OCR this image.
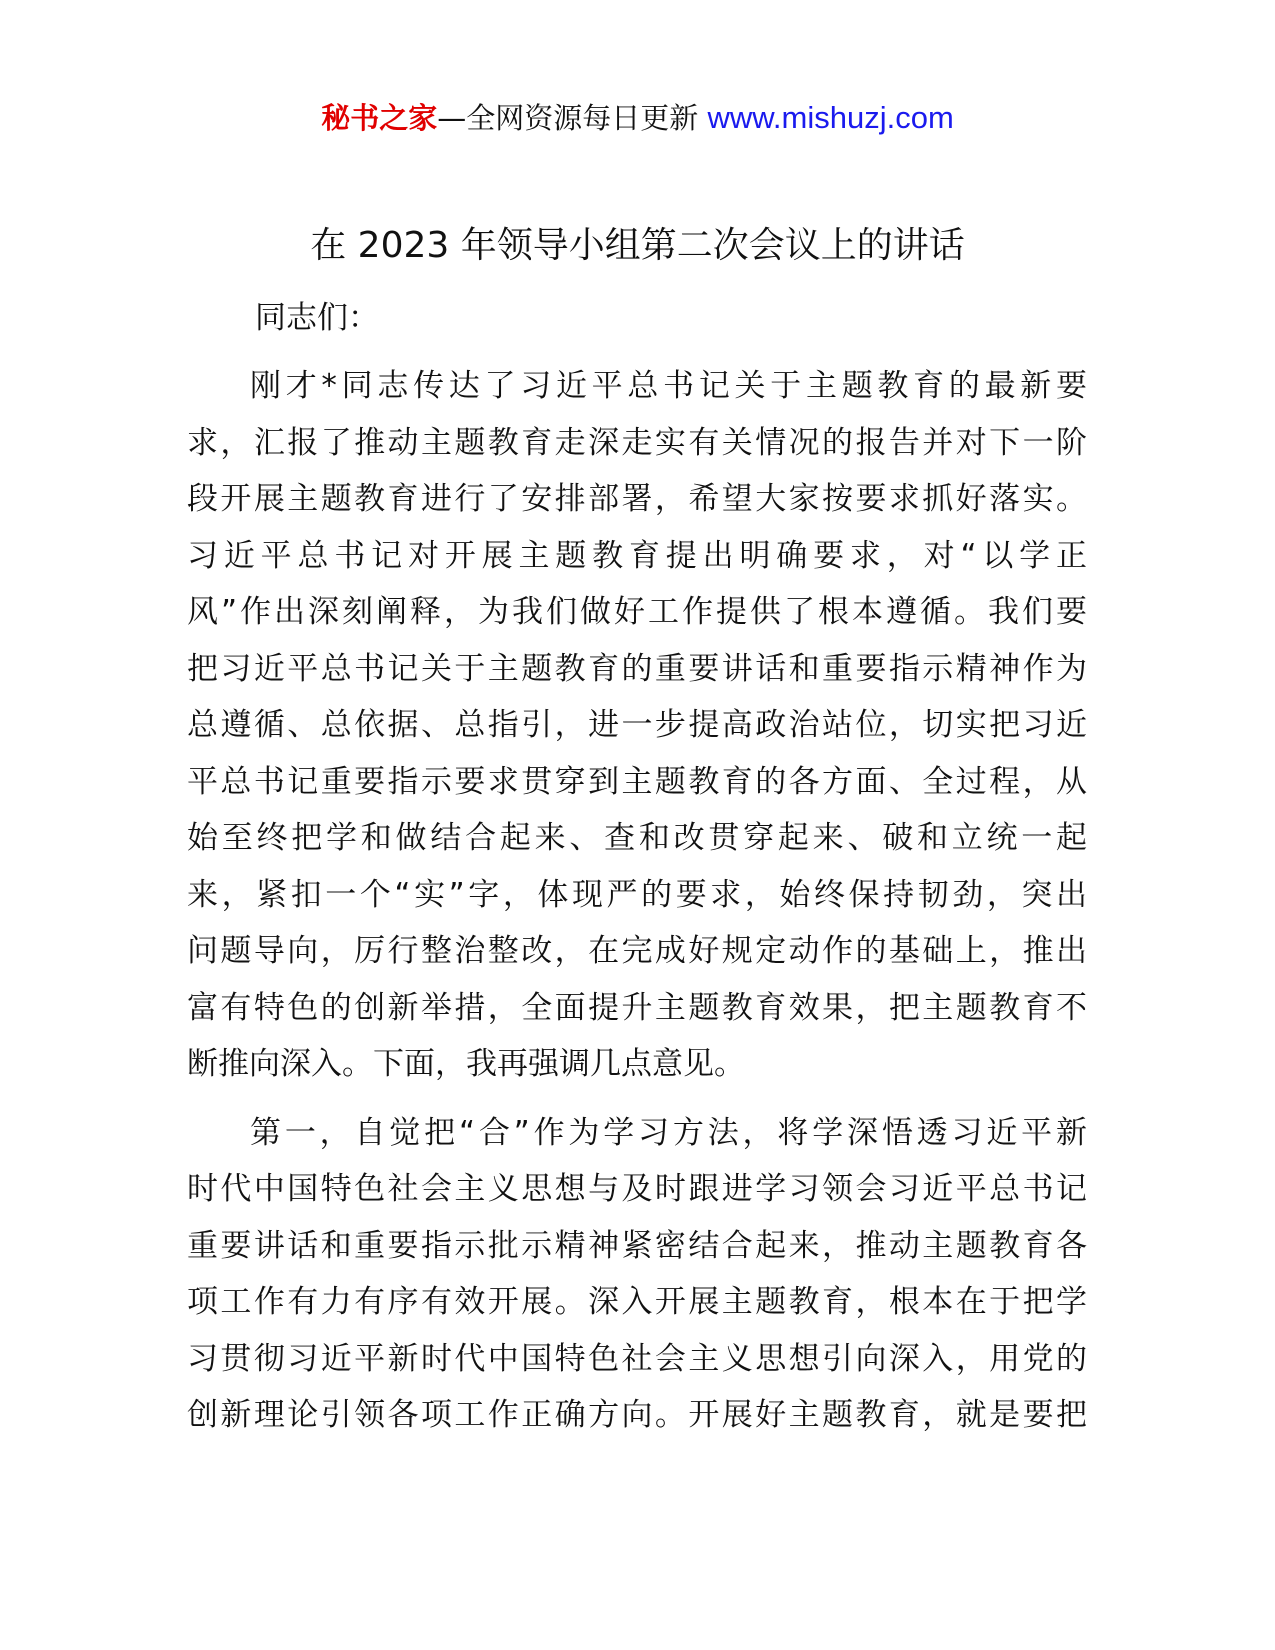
秘书之家—全网资源每日更新 www.mishuzj.com
在 2023 年领导小组第二次会议上的讲话

同志们：

刚才*同志传达了习近平总书记关于主题教育的最新要
求，汇报了推动主题教育走深走实有关情况的报告并对下一阶
段开展主题教育进行了安排部署，希望大家按要求抓好落实。
习近平总书记对开展主题教育提出明确要求，对“以学正
风”作出深刻阐释，为我们做好工作提供了根本遵循。我们要
把习近平总书记关于主题教育的重要讲话和重要指示精神作为
总遵循、总依据、总指引，进一步提高政治站位，切实把习近
平总书记重要指示要求贯穿到主题教育的各方面、全过程，从
始至终把学和做结合起来、查和改贯穿起来、破和立统一起
来，紧扣一个“实”字，体现严的要求，始终保持韧劲，突出
问题导向，厉行整治整改，在完成好规定动作的基础上，推出
富有特色的创新举措，全面提升主题教育效果，把主题教育不
断推向深入。下面，我再强调几点意见。
第一，自觉把“合”作为学习方法，将学深悟透习近平新
时代中国特色社会主义思想与及时跟进学习领会习近平总书记
重要讲话和重要指示批示精神紧密结合起来，推动主题教育各
项工作有力有序有效开展。深入开展主题教育，根本在于把学
习贯彻习近平新时代中国特色社会主义思想引向深入，用党的
创新理论引领各项工作正确方向。开展好主题教育，就是要把
